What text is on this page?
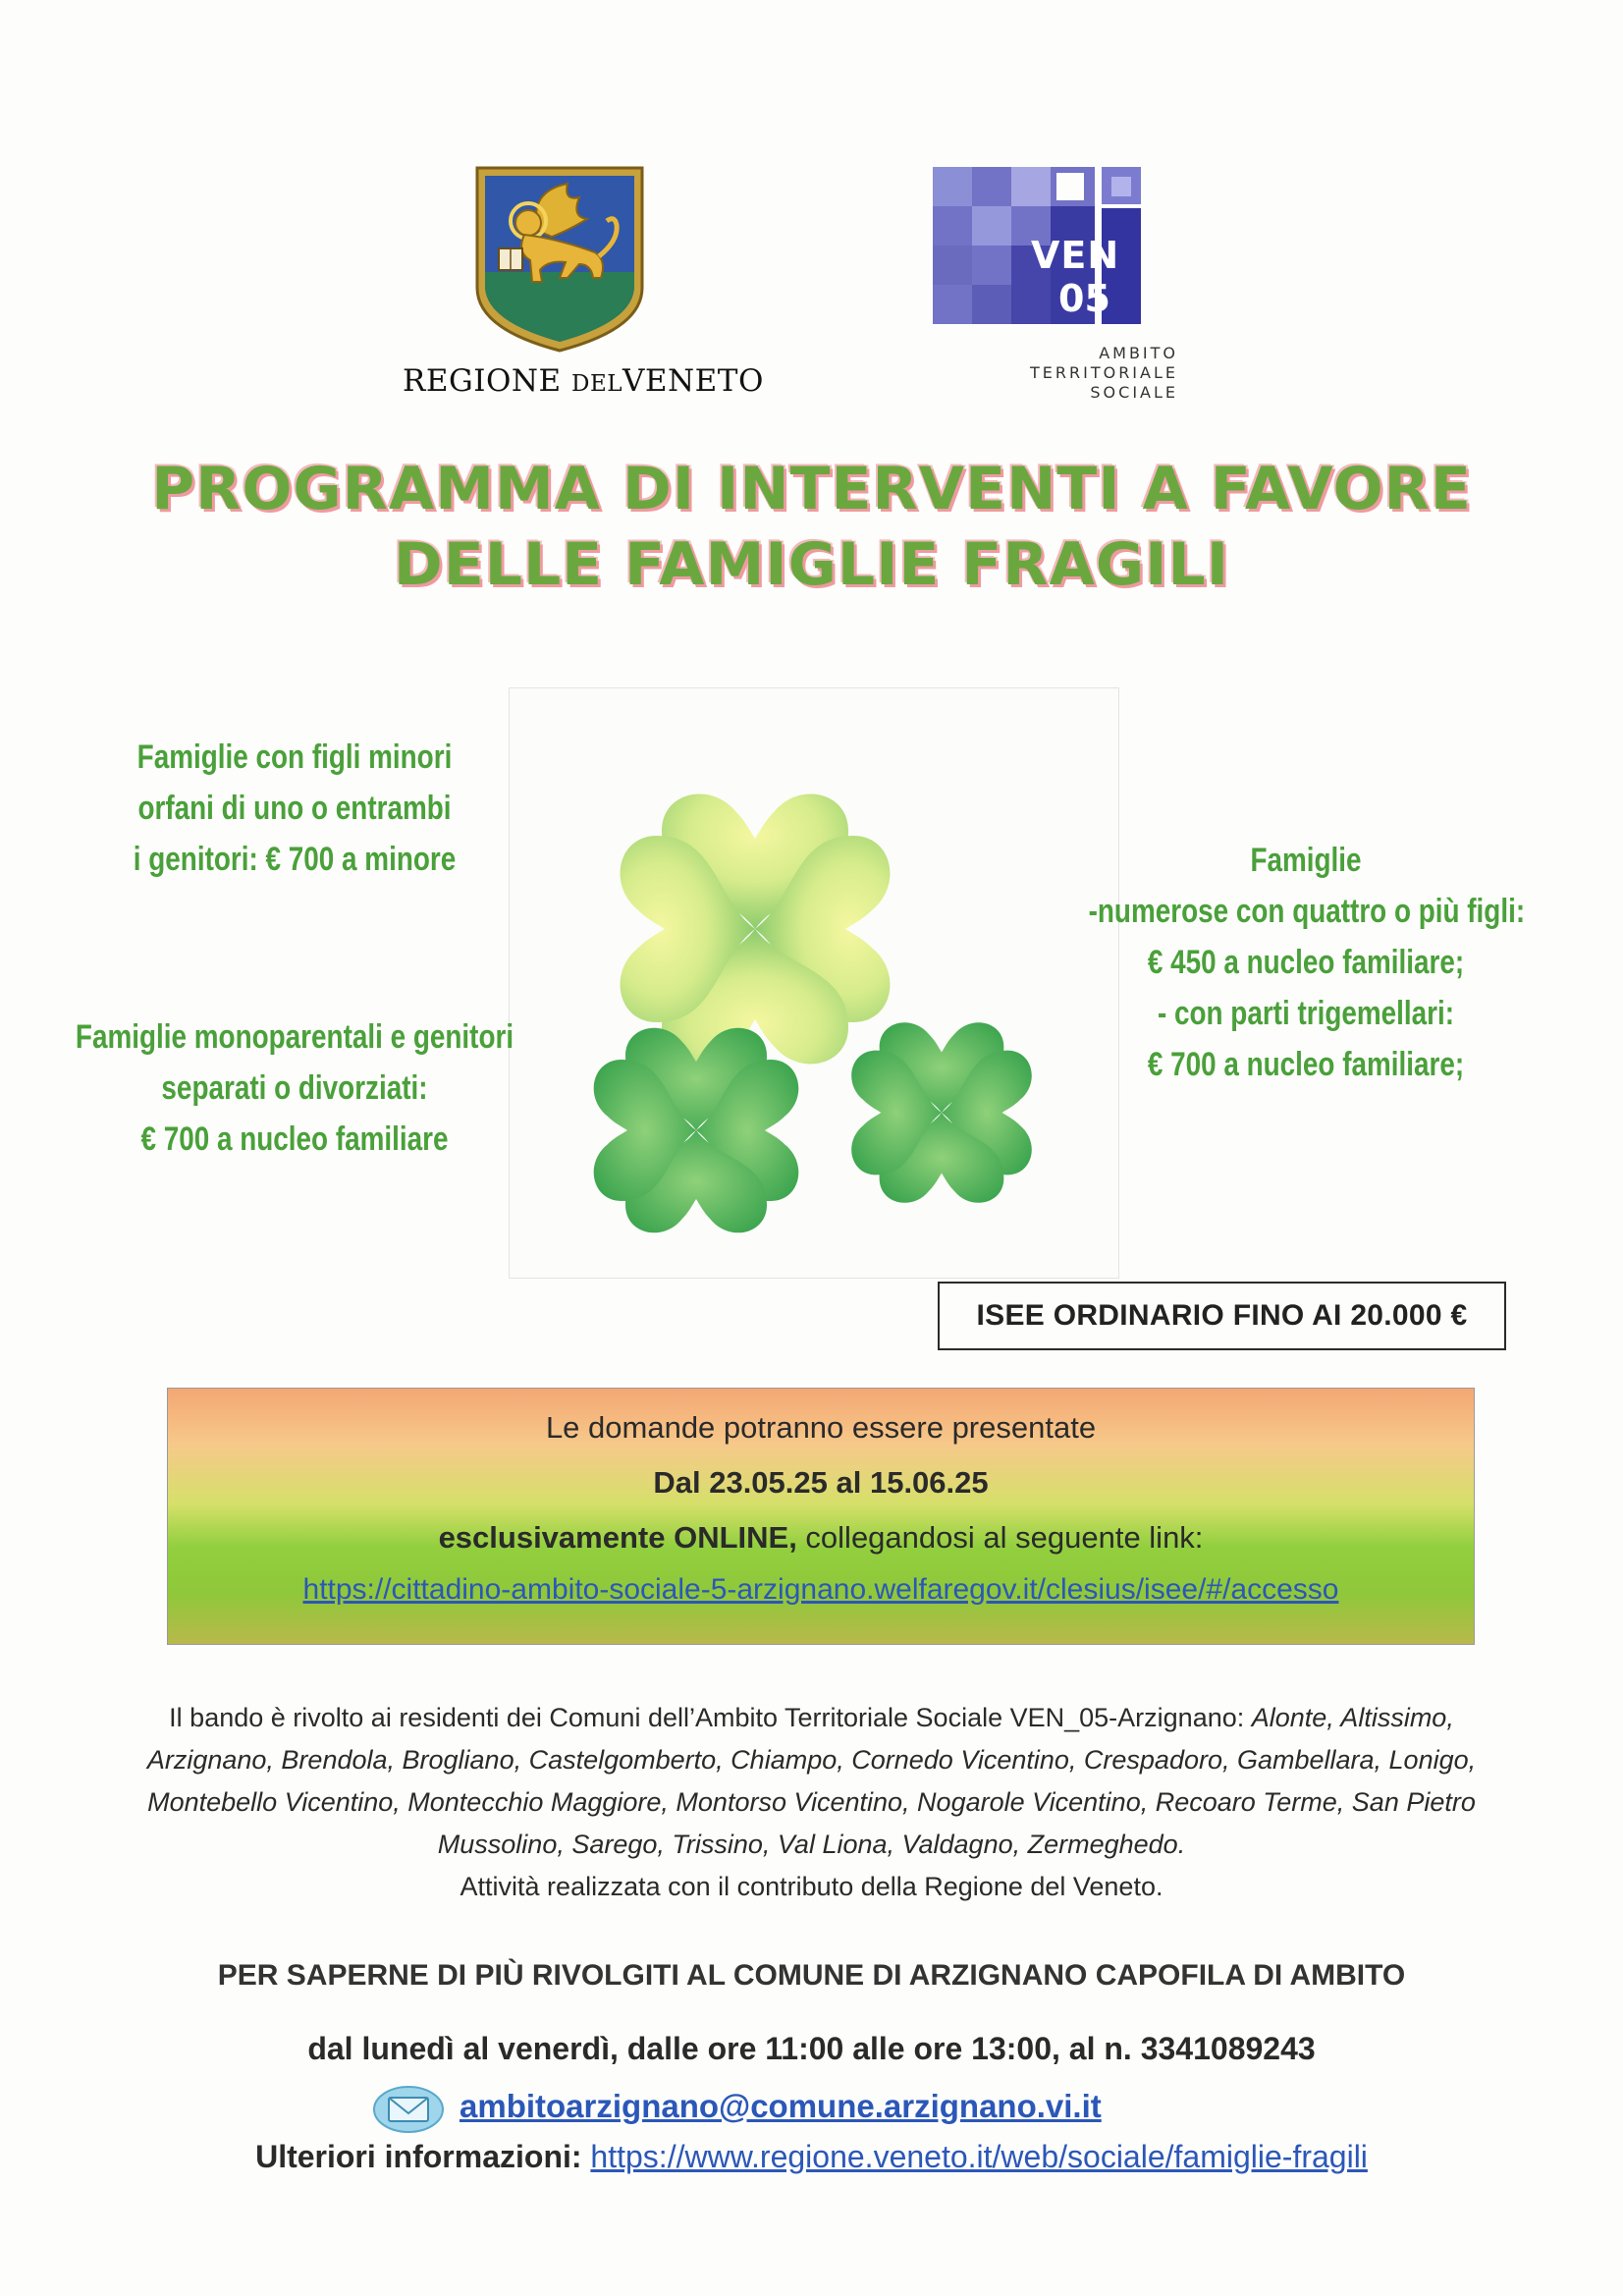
REGIONE DELVENETO
VEN
05
AMBITO
TERRITORIALE
SOCIALE
PROGRAMMA DI INTERVENTI A FAVORE
DELLE FAMIGLIE FRAGILI
Famiglie con figli minori
orfani di uno o entrambi
i genitori: € 700 a minore
Famiglie monoparentali e genitori
separati o divorziati:
€ 700 a nucleo familiare
Famiglie
-numerose con quattro o più figli:
€ 450 a nucleo familiare;
- con parti trigemellari:
€ 700 a nucleo familiare;
ISEE ORDINARIO FINO AI 20.000 €
Le domande potranno essere presentate
Dal 23.05.25 al 15.06.25
esclusivamente ONLINE, collegandosi al seguente link:
https://cittadino-ambito-sociale-5-arzignano.welfaregov.it/clesius/isee/#/accesso
Il bando è rivolto ai residenti dei Comuni dell’Ambito Territoriale Sociale VEN_05-Arzignano: Alonte, Altissimo,
Arzignano, Brendola, Brogliano, Castelgomberto, Chiampo, Cornedo Vicentino, Crespadoro, Gambellara, Lonigo,
Montebello Vicentino, Montecchio Maggiore, Montorso Vicentino, Nogarole Vicentino, Recoaro Terme, San Pietro
Mussolino, Sarego, Trissino, Val Liona, Valdagno, Zermeghedo.
Attività realizzata con il contributo della Regione del Veneto.
PER SAPERNE DI PIÙ RIVOLGITI AL COMUNE DI ARZIGNANO CAPOFILA DI AMBITO
dal lunedì al venerdì, dalle ore 11:00 alle ore 13:00, al n. 3341089243
ambitoarzignano@comune.arzignano.vi.it
Ulteriori informazioni: https://www.regione.veneto.it/web/sociale/famiglie-fragili
